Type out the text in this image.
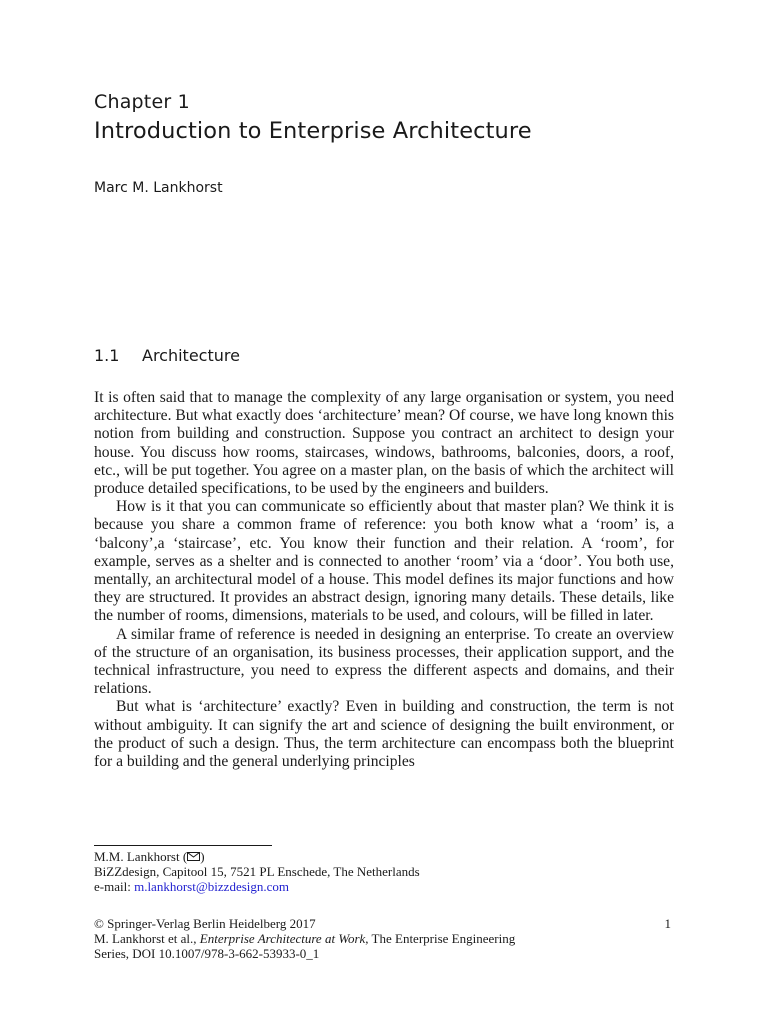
Chapter 1
Introduction to Enterprise Architecture
Marc M. Lankhorst
1.1 Architecture

It is often said that to manage the complexity of any large organisation or system, you need architecture. But what exactly does ‘architecture’ mean? Of course, we have long known this notion from building and construction. Suppose you contract an architect to design your house. You discuss how rooms, staircases, windows, bathrooms, balconies, doors, a roof, etc., will be put together. You agree on a master plan, on the basis of which the architect will produce detailed specifications, to be used by the engineers and builders.

How is it that you can communicate so efficiently about that master plan? We think it is because you share a common frame of reference: you both know what a ‘room’ is, a ‘balcony’,a ‘staircase’, etc. You know their function and their relation. A ‘room’, for example, serves as a shelter and is connected to another ‘room’ via a ‘door’. You both use, mentally, an architectural model of a house. This model defines its major functions and how they are structured. It provides an abstract design, ignoring many details. These details, like the number of rooms, dimensions, materials to be used, and colours, will be filled in later.

A similar frame of reference is needed in designing an enterprise. To create an overview of the structure of an organisation, its business processes, their application support, and the technical infrastructure, you need to express the different aspects and domains, and their relations.

But what is ‘architecture’ exactly? Even in building and construction, the term is not without ambiguity. It can signify the art and science of designing the built environment, or the product of such a design. Thus, the term architecture can encompass both the blueprint for a building and the general underlying principles

M.M. Lankhorst ( )
BiZZdesign, Capitool 15, 7521 PL Enschede, The Netherlands
e-mail: m.lankhorst@bizzdesign.com
© Springer-Verlag Berlin Heidelberg 2017
M. Lankhorst et al., Enterprise Architecture at Work, The Enterprise Engineering
Series, DOI 10.1007/978-3-662-53933-0_1
1
